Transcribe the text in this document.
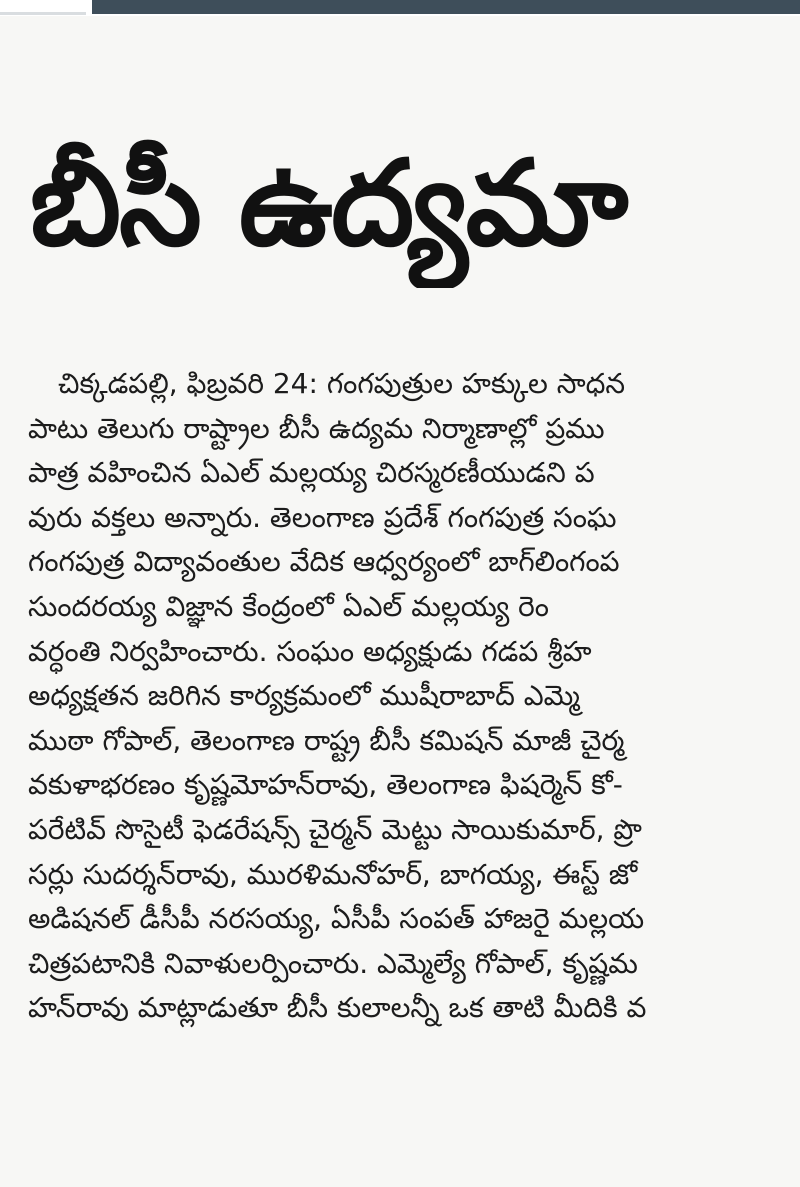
బీసీ ఉద్యమా
చిక్కడపల్లి, ఫిబ్రవరి 24: గంగపుత్రుల హక్కుల సాధన
పాటు తెలుగు రాష్ట్రాల బీసీ ఉద్యమ నిర్మాణాల్లో ప్రము
పాత్ర వహించిన ఏఎల్ మల్లయ్య చిరస్మరణీయుడని ప
వురు వక్తలు అన్నారు. తెలంగాణ ప్రదేశ్ గంగపుత్ర సంఘ
గంగపుత్ర విద్యావంతుల వేదిక ఆధ్వర్యంలో బాగ్‌లింగంప
సుందరయ్య విజ్ఞాన కేంద్రంలో ఏఎల్ మల్లయ్య రెం
వర్ధంతి నిర్వహించారు. సంఘం అధ్యక్షుడు గడప శ్రీహ
అధ్యక్షతన జరిగిన కార్యక్రమంలో ముషీరాబాద్ ఎమ్మె
ముఠా గోపాల్, తెలంగాణ రాష్ట్ర బీసీ కమిషన్ మాజీ చైర్మ
వకుళాభరణం కృష్ణమోహన్‌రావు, తెలంగాణ ఫిషర్మెన్ కో-
పరేటివ్ సొసైటీ ఫెడరేషన్స్ చైర్మన్ మెట్టు సాయికుమార్, ప్రొ
సర్లు సుదర్శన్‌రావు, మురళిమనోహర్, బాగయ్య, ఈస్ట్ జో
అడిషనల్ డీసీపీ నరసయ్య, ఏసీపీ సంపత్ హాజరై మల్లయ
చిత్రపటానికి నివాళులర్పించారు. ఎమ్మెల్యే గోపాల్, కృష్ణమ
హన్‌రావు మాట్లాడుతూ బీసీ కులాలన్నీ ఒక తాటి మీదికి వ
